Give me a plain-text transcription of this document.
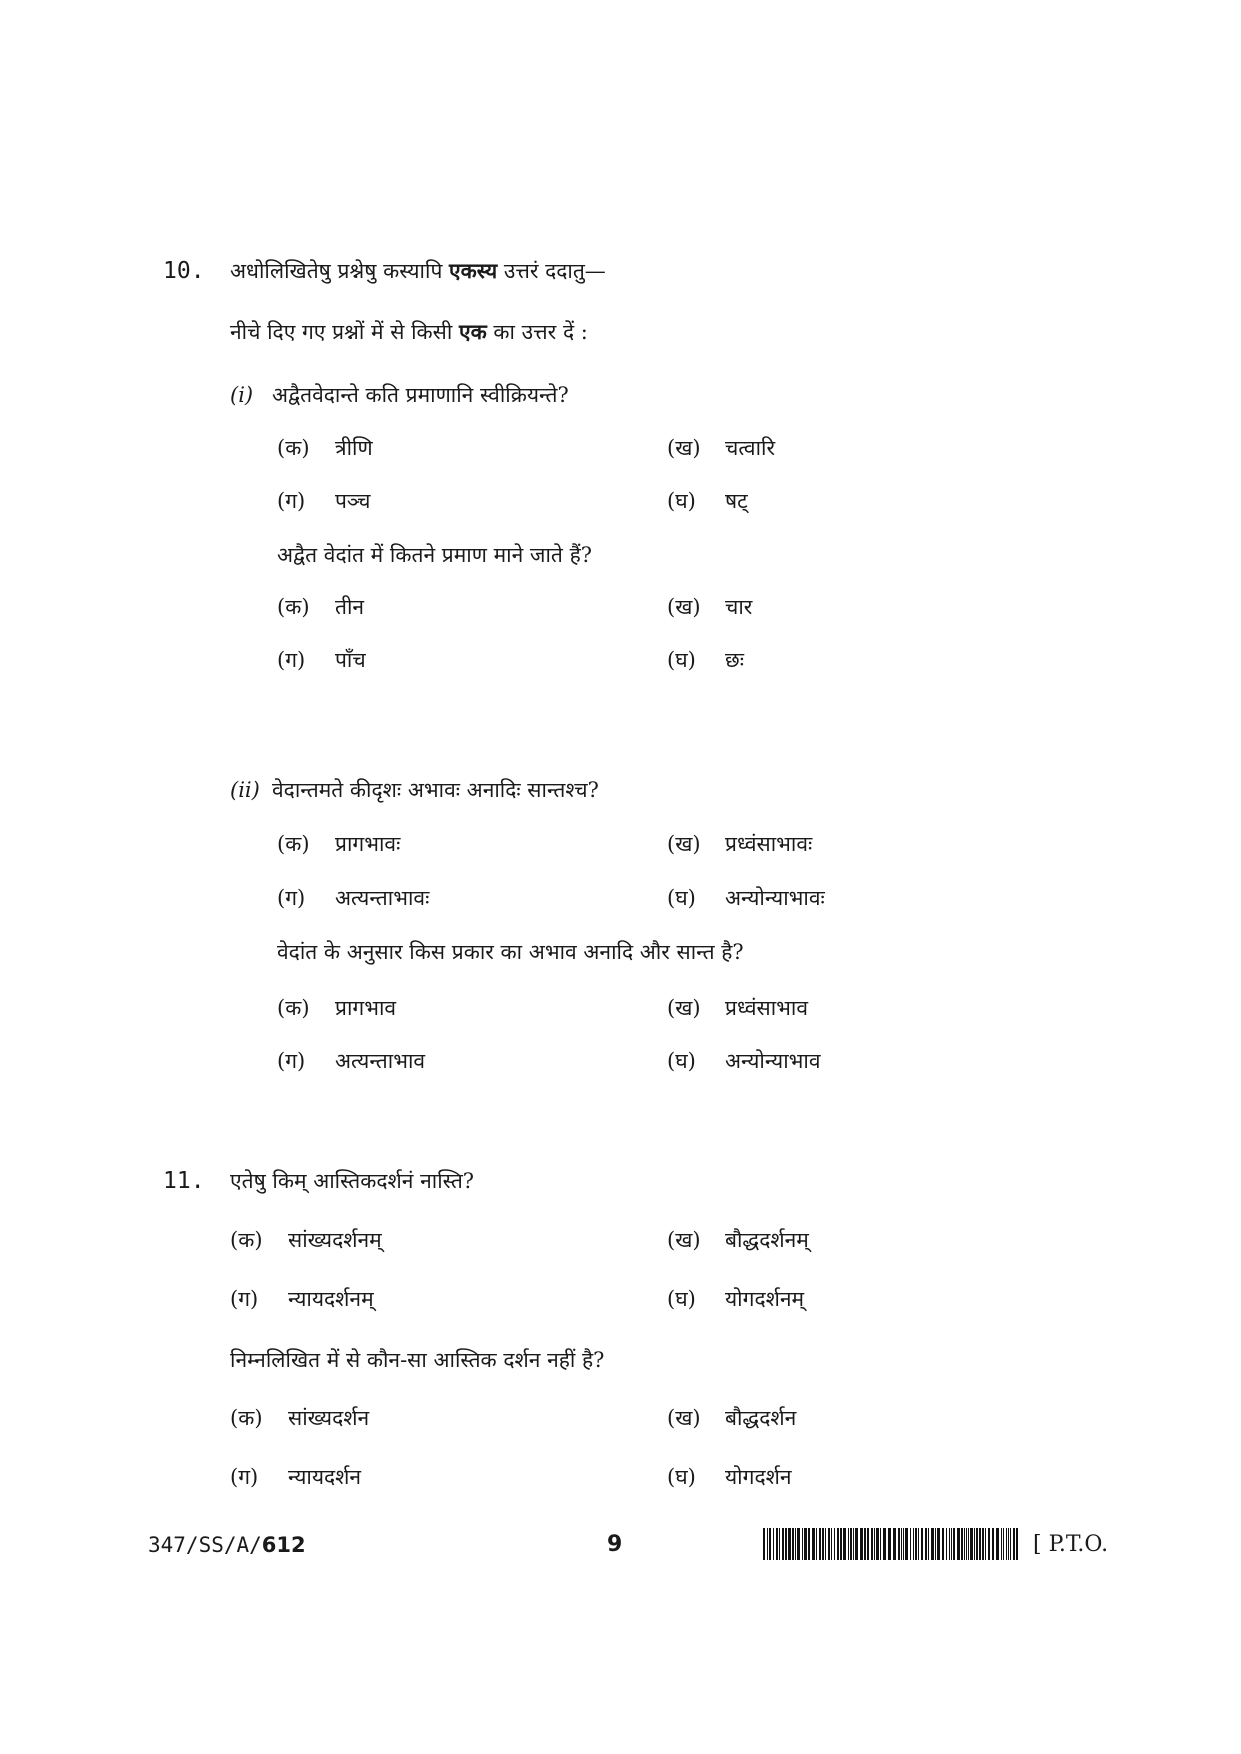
10. अधोलिखितेषु प्रश्नेषु कस्यापि एकस्य उत्तरं ददातु—
नीचे दिए गए प्रश्नों में से किसी एक का उत्तर दें :
(i) अद्वैतवेदान्ते कति प्रमाणानि स्वीक्रियन्ते?
(क) त्रीणि	(ख) चत्वारि
(ग) पञ्च	(घ) षट्
अद्वैत वेदांत में कितने प्रमाण माने जाते हैं?
(क) तीन	(ख) चार
(ग) पाँच	(घ) छः
(ii) वेदान्तमते कीदृशः अभावः अनादिः सान्तश्च?
(क) प्रागभावः	(ख) प्रध्वंसाभावः
(ग) अत्यन्ताभावः	(घ) अन्योन्याभावः
वेदांत के अनुसार किस प्रकार का अभाव अनादि और सान्त है?
(क) प्रागभाव	(ख) प्रध्वंसाभाव
(ग) अत्यन्ताभाव	(घ) अन्योन्याभाव
11. एतेषु किम् आस्तिकदर्शनं नास्ति?
(क) सांख्यदर्शनम्	(ख) बौद्धदर्शनम्
(ग) न्यायदर्शनम्	(घ) योगदर्शनम्
निम्नलिखित में से कौन-सा आस्तिक दर्शन नहीं है?
(क) सांख्यदर्शन	(ख) बौद्धदर्शन
(ग) न्यायदर्शन	(घ) योगदर्शन
347/SS/A/612	9	[ P.T.O.
